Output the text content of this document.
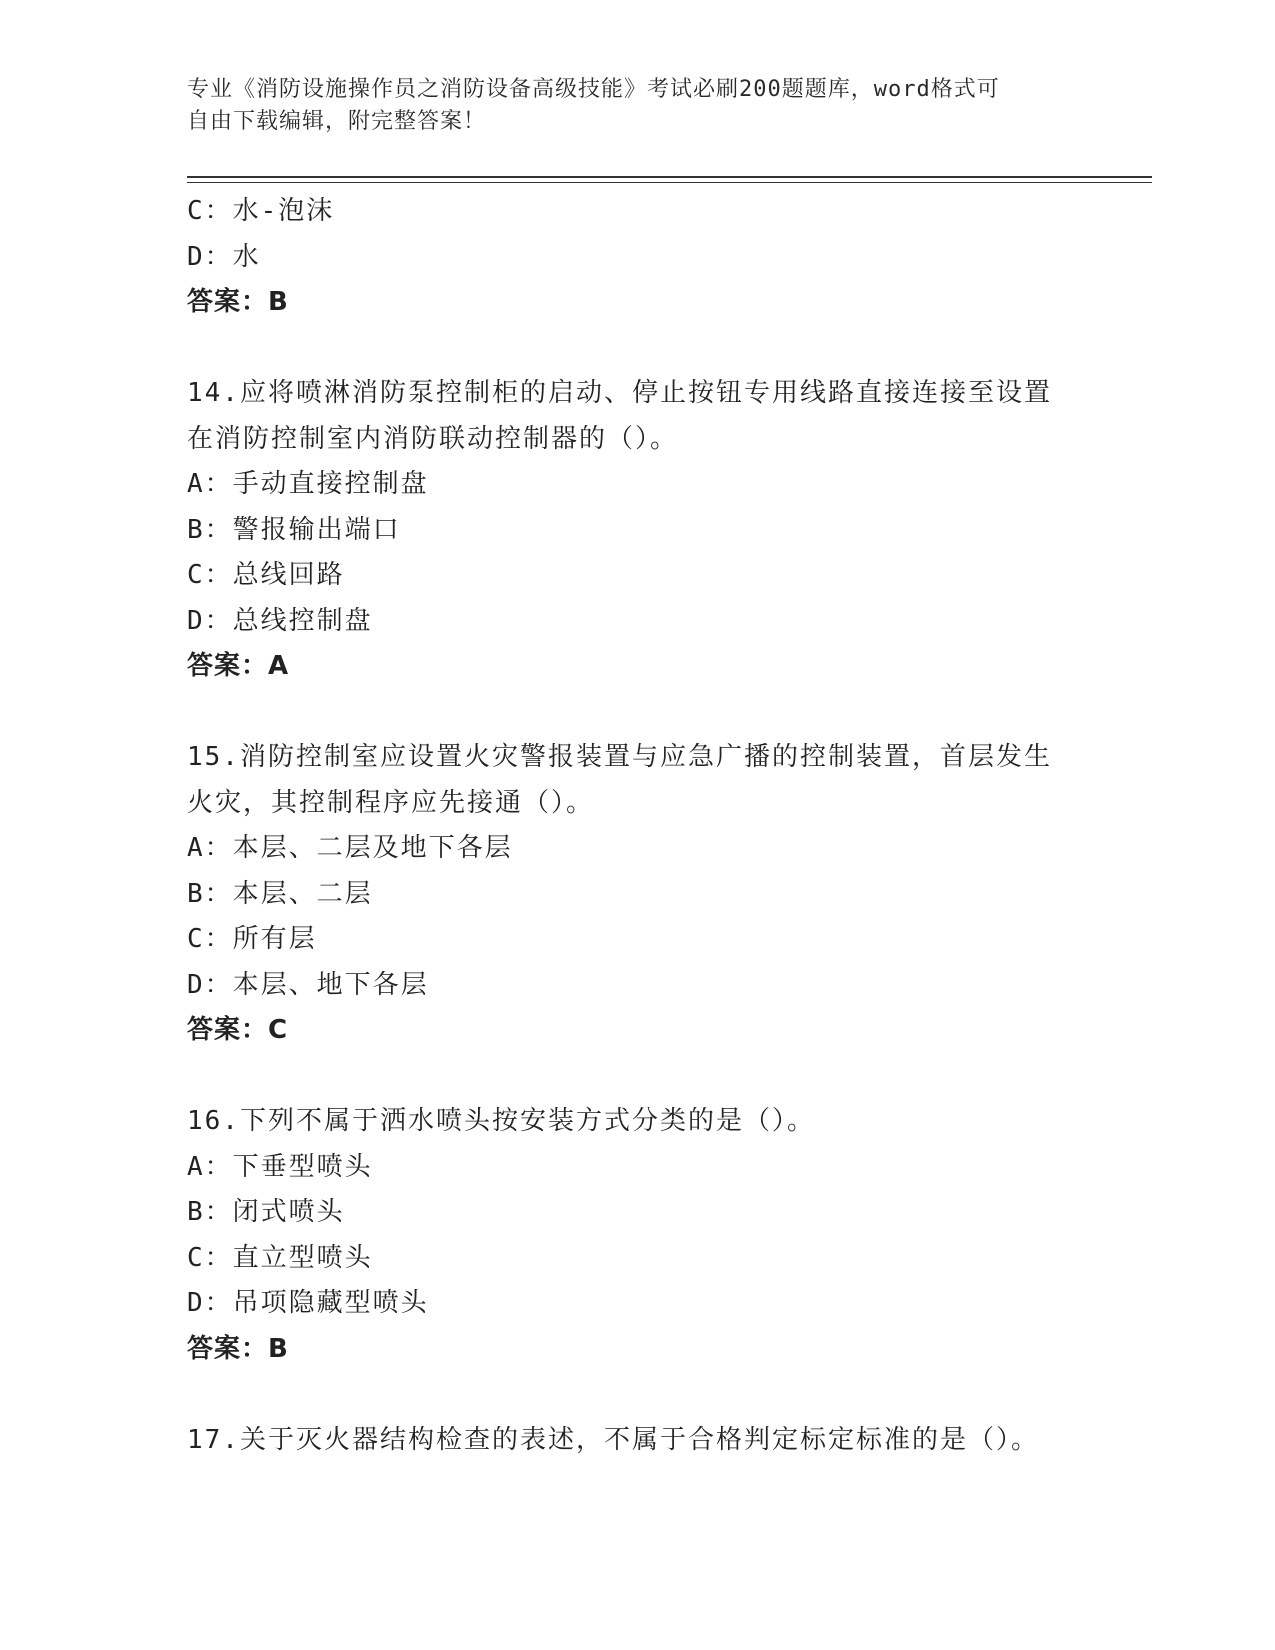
专业《消防设施操作员之消防设备高级技能》考试必刷200题题库，word格式可
自由下载编辑，附完整答案！
C：水-泡沫
D：水
答案：B
14.应将喷淋消防泵控制柜的启动、停止按钮专用线路直接连接至设置
在消防控制室内消防联动控制器的（）。
A：手动直接控制盘
B：警报输出端口
C：总线回路
D：总线控制盘
答案：A
15.消防控制室应设置火灾警报装置与应急广播的控制装置，首层发生
火灾，其控制程序应先接通（）。
A：本层、二层及地下各层
B：本层、二层
C：所有层
D：本层、地下各层
答案：C
16.下列不属于洒水喷头按安装方式分类的是（）。
A：下垂型喷头
B：闭式喷头
C：直立型喷头
D：吊项隐藏型喷头
答案：B
17.关于灭火器结构检查的表述，不属于合格判定标定标准的是（）。
